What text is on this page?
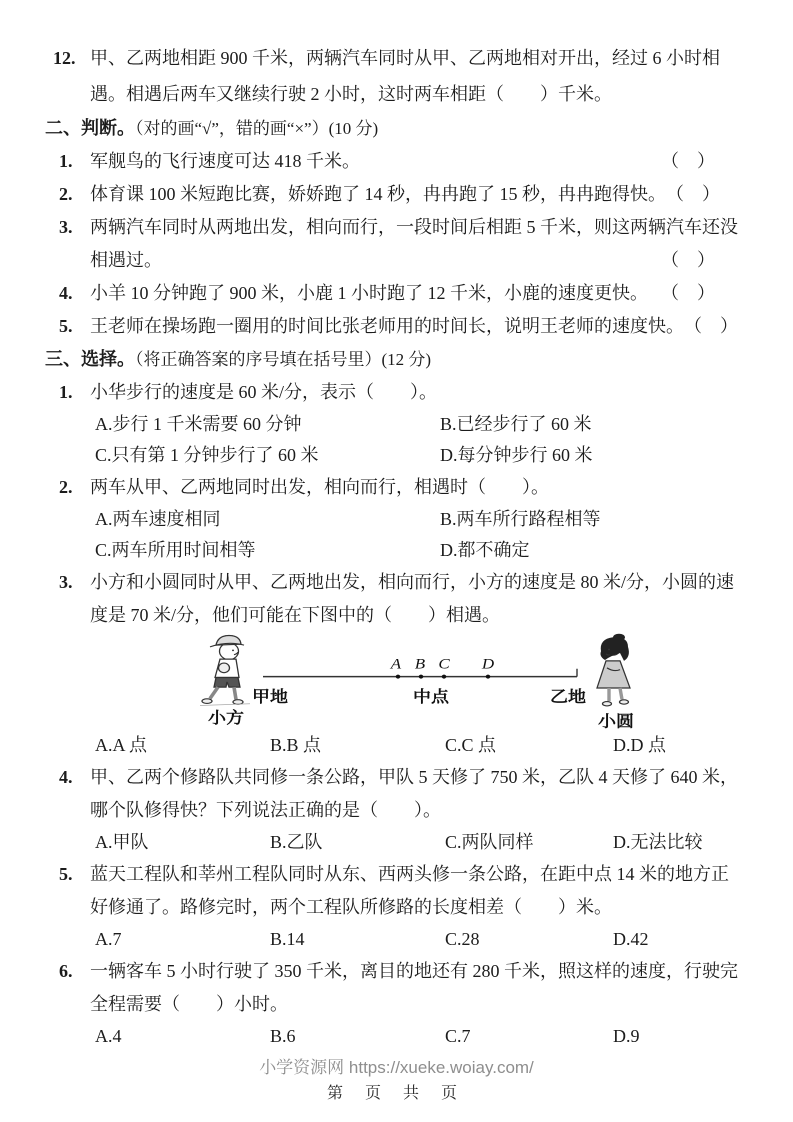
12. 甲、乙两地相距 900 千米，两辆汽车同时从甲、乙两地相对开出，经过 6 小时相
遇。相遇后两车又继续行驶 2 小时，这时两车相距（　　）千米。
二、判断。（对的画“√”，错的画“×”）(10 分)
1. 军舰鸟的飞行速度可达 418 千米。	（　）
2. 体育课 100 米短跑比赛，娇娇跑了 14 秒，冉冉跑了 15 秒，冉冉跑得快。 （　）
3. 两辆汽车同时从两地出发，相向而行，一段时间后相距 5 千米，则这两辆汽车还没
相遇过。	（　）
4. 小羊 10 分钟跑了 900 米，小鹿 1 小时跑了 12 千米，小鹿的速度更快。 （　）
5. 王老师在操场跑一圈用的时间比张老师用的时间长，说明王老师的速度快。 （　）
三、选择。（将正确答案的序号填在括号里）(12 分)
1. 小华步行的速度是 60 米/分，表示（　　）。
A.步行 1 千米需要 60 分钟	B.已经步行了 60 米
C.只有第 1 分钟步行了 60 米	D.每分钟步行 60 米
2. 两车从甲、乙两地同时出发，相向而行，相遇时（　　）。
A.两车速度相同	B.两车所行路程相等
C.两车所用时间相等	D.都不确定
3. 小方和小圆同时从甲、乙两地出发，相向而行，小方的速度是 80 米/分，小圆的速
度是 70 米/分，他们可能在下图中的（　　）相遇。
A B C D
甲地	中点	乙地
小方	小圆
A.A 点	B.B 点	C.C 点	D.D 点
4. 甲、乙两个修路队共同修一条公路，甲队 5 天修了 750 米，乙队 4 天修了 640 米，
哪个队修得快？下列说法正确的是（　　）。
A.甲队	B.乙队	C.两队同样	D.无法比较
5. 蓝天工程队和莘州工程队同时从东、西两头修一条公路，在距中点 14 米的地方正
好修通了。路修完时，两个工程队所修路的长度相差（　　）米。
A.7	B.14	C.28	D.42
6. 一辆客车 5 小时行驶了 350 千米，离目的地还有 280 千米，照这样的速度，行驶完
全程需要（　　）小时。
A.4	B.6	C.7	D.9
小学资源网 https://xueke.woiay.com/
第 页 共 页
